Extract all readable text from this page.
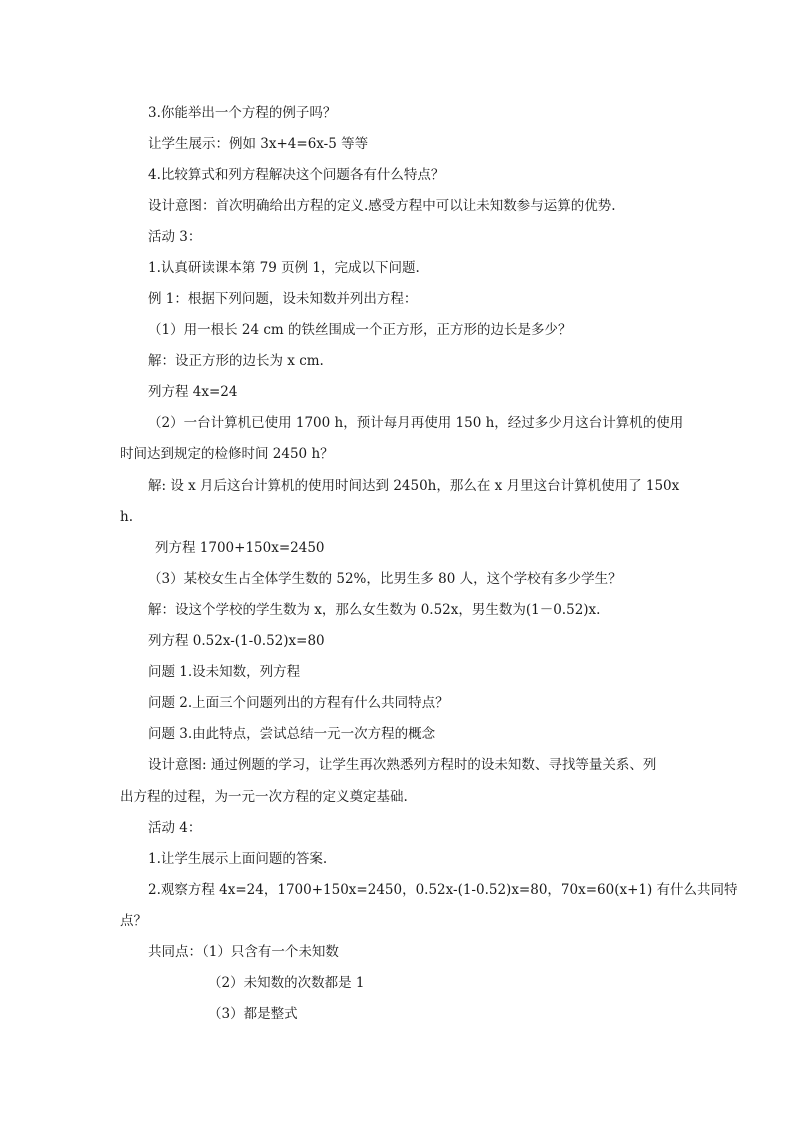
3.你能举出一个方程的例子吗？
让学生展示：例如 3x+4=6x-5 等等
4.比较算式和列方程解决这个问题各有什么特点？
设计意图：首次明确给出方程的定义.感受方程中可以让未知数参与运算的优势.
活动 3：
1.认真研读课本第 79 页例 1，完成以下问题.
例 1：根据下列问题，设未知数并列出方程：
（1）用一根长 24 cm 的铁丝围成一个正方形，正方形的边长是多少？
解：设正方形的边长为 x cm.
列方程 4x=24
（2）一台计算机已使用 1700 h，预计每月再使用 150 h，经过多少月这台计算机的使用
时间达到规定的检修时间 2450 h？
解: 设 x 月后这台计算机的使用时间达到 2450h，那么在 x 月里这台计算机使用了 150x
h.
列方程 1700+150x=2450
（3）某校女生占全体学生数的 52%，比男生多 80 人，这个学校有多少学生？
解：设这个学校的学生数为 x，那么女生数为 0.52x，男生数为(1－0.52)x.
列方程 0.52x-(1-0.52)x=80
问题 1.设未知数，列方程
问题 2.上面三个问题列出的方程有什么共同特点？
问题 3.由此特点，尝试总结一元一次方程的概念
设计意图: 通过例题的学习，让学生再次熟悉列方程时的设未知数、寻找等量关系、列
出方程的过程，为一元一次方程的定义奠定基础.
活动 4：
1.让学生展示上面问题的答案.
2.观察方程 4x=24，1700+150x=2450，0.52x-(1-0.52)x=80，70x=60(x+1) 有什么共同特
点？
共同点：（1）只含有一个未知数
（2）未知数的次数都是 1
（3）都是整式
